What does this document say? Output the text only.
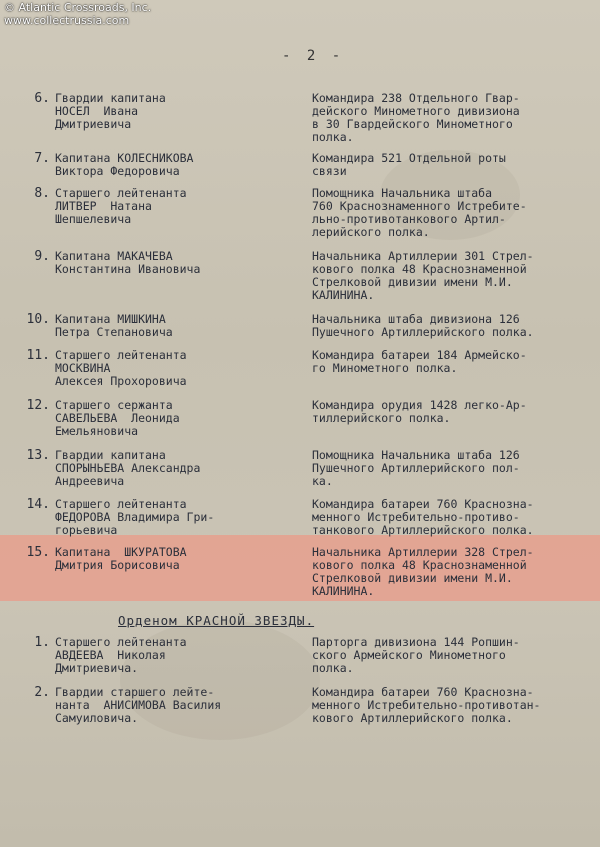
© Atlantic Crossroads, Inc.
www.collectrussia.com
- 2 -
6. Гвардии капитана
НОСЕЛ  Ивана
Дмитриевича
Командира 238 Отдельного Гвар-
дейского Минометного дивизиона
в 30 Гвардейского Минометного
полка.
7. Капитана КОЛЕСНИКОВА
Виктора Федоровича
Командира 521 Отдельной роты
связи
8. Старшего лейтенанта
ЛИТВЕР  Натана
Шепшелевича
Помощника Начальника штаба
760 Краснознаменного Истребите-
льно-противотанкового Артил-
лерийского полка.
9. Капитана МАКАЧЕВА
Константина Ивановича
Начальника Артиллерии 301 Стрел-
кового полка 48 Краснознаменной
Стрелковой дивизии имени М.И.
КАЛИНИНА.
10. Капитана МИШКИНА
Петра Степановича
Начальника штаба дивизиона 126
Пушечного Артиллерийского полка.
11. Старшего лейтенанта
МОСКВИНА
Алексея Прохоровича
Командира батареи 184 Армейско-
го Минометного полка.
12. Старшего сержанта
САВЕЛЬЕВА  Леонида
Емельяновича
Командира орудия 1428 легко-Ар-
тиллерийского полка.
13. Гвардии капитана
СПОРЫНЬЕВА Александра
Андреевича
Помощника Начальника штаба 126
Пушечного Артиллерийского пол-
ка.
14. Старшего лейтенанта
ФЕДОРОВА Владимира Гри-
горьевича
Командира батареи 760 Краснозна-
менного Истребительно-противо-
танкового Артиллерийского полка.
15. Капитана  ШКУРАТОВА
Дмитрия Борисовича
Начальника Артиллерии 328 Стрел-
кового полка 48 Краснознаменной
Стрелковой дивизии имени М.И.
КАЛИНИНА.
Орденом КРАСНОЙ ЗВЕЗДЫ.
1. Старшего лейтенанта
АВДЕЕВА  Николая
Дмитриевича.
Парторга дивизиона 144 Ропшин-
ского Армейского Минометного
полка.
2. Гвардии старшего лейте-
нанта  АНИСИМОВА Василия
Самуиловича.
Командира батареи 760 Краснозна-
менного Истребительно-противотан-
кового Артиллерийского полка.
